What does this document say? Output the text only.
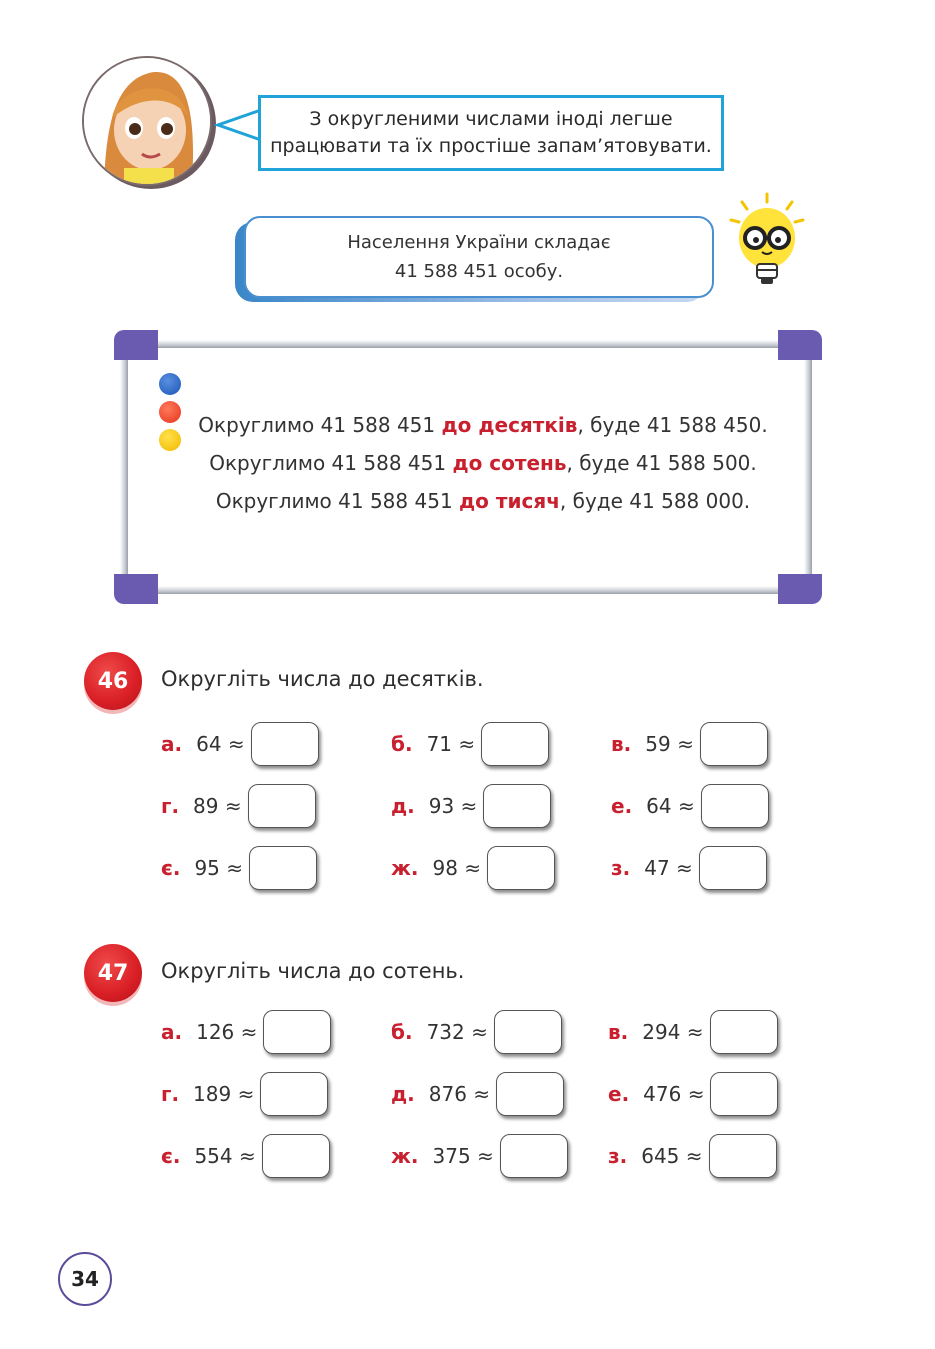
З округленими числами іноді легше
працювати та їх простіше запам’ятовувати.
Населення України складає
41 588 451 особу.
Округлимо 41 588 451 до десятків, буде 41 588 450.
Округлимо 41 588 451 до сотень, буде 41 588 500.
Округлимо 41 588 451 до тисяч, буде 41 588 000.
46	Округліть числа до десятків.
а. 64 ≈	б. 71 ≈	в. 59 ≈
г. 89 ≈	д. 93 ≈	е. 64 ≈
є. 95 ≈	ж. 98 ≈	з. 47 ≈
47	Округліть числа до сотень.
а. 126 ≈	б. 732 ≈	в. 294 ≈
г. 189 ≈	д. 876 ≈	е. 476 ≈
є. 554 ≈	ж. 375 ≈	з. 645 ≈
34
